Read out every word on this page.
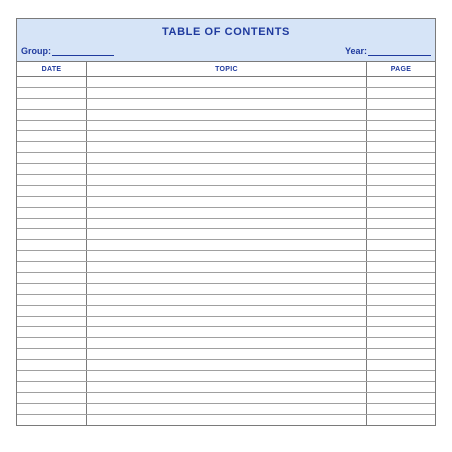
TABLE OF CONTENTS
Group:	Year:
DATE	TOPIC	PAGE
